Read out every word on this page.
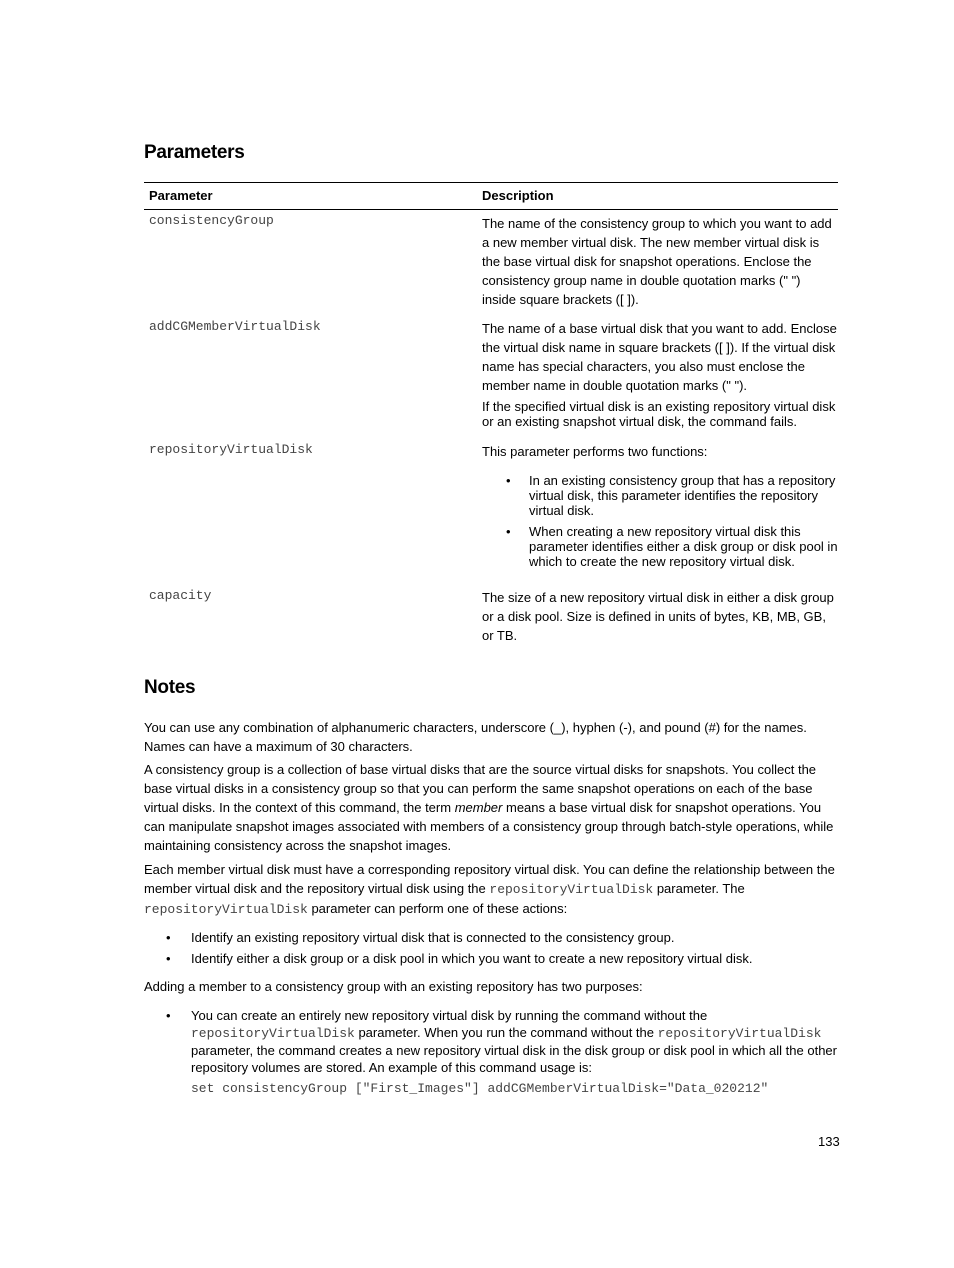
Parameters
Parameter	Description
consistencyGroup	The name of the consistency group to which you want to add a new member virtual disk. The new member virtual disk is the base virtual disk for snapshot operations. Enclose the consistency group name in double quotation marks (" ") inside square brackets ([ ]).

addCGMemberVirtualDisk	The name of a base virtual disk that you want to add. Enclose the virtual disk name in square brackets ([ ]). If the virtual disk name has special characters, you also must enclose the member name in double quotation marks (" ").

If the specified virtual disk is an existing repository virtual disk or an existing snapshot virtual disk, the command fails.

repositoryVirtualDisk	This parameter performs two functions:

• In an existing consistency group that has a repository virtual disk, this parameter identifies the repository virtual disk.
• When creating a new repository virtual disk this parameter identifies either a disk group or disk pool in which to create the new repository virtual disk.
capacity	The size of a new repository virtual disk in either a disk group or a disk pool. Size is defined in units of bytes, KB, MB, GB, or TB.

Notes
You can use any combination of alphanumeric characters, underscore (_), hyphen (-), and pound (#) for the names. Names can have a maximum of 30 characters.
A consistency group is a collection of base virtual disks that are the source virtual disks for snapshots. You collect the base virtual disks in a consistency group so that you can perform the same snapshot operations on each of the base virtual disks. In the context of this command, the term member means a base virtual disk for snapshot operations. You can manipulate snapshot images associated with members of a consistency group through batch-style operations, while maintaining consistency across the snapshot images.
Each member virtual disk must have a corresponding repository virtual disk. You can define the relationship between the member virtual disk and the repository virtual disk using the repositoryVirtualDisk parameter. The repositoryVirtualDisk parameter can perform one of these actions:
• Identify an existing repository virtual disk that is connected to the consistency group.
• Identify either a disk group or a disk pool in which you want to create a new repository virtual disk.
Adding a member to a consistency group with an existing repository has two purposes:
• You can create an entirely new repository virtual disk by running the command without the repositoryVirtualDisk parameter. When you run the command without the repositoryVirtualDisk parameter, the command creates a new repository virtual disk in the disk group or disk pool in which all the other repository volumes are stored. An example of this command usage is:
set consistencyGroup ["First_Images"] addCGMemberVirtualDisk="Data_020212"
133
